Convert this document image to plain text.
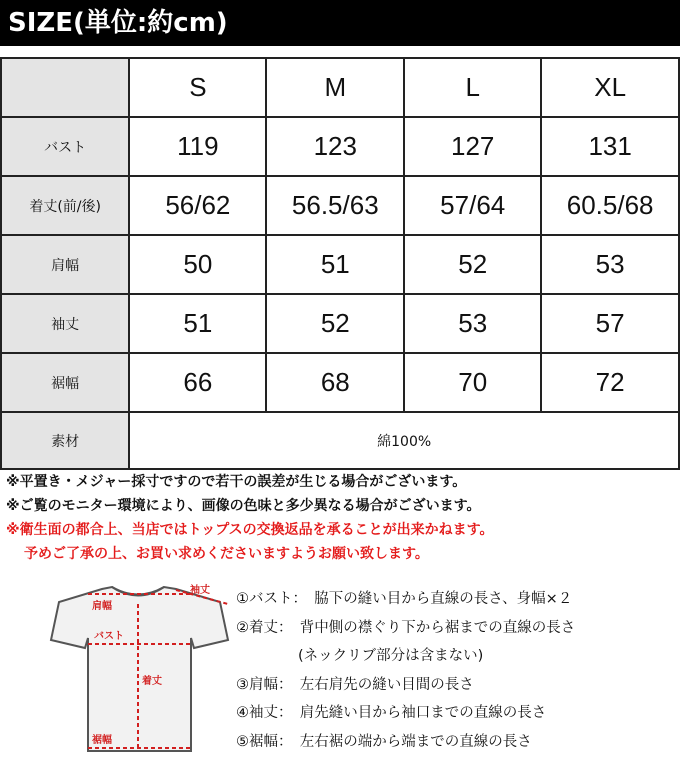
SIZE(単位:約cm)
	S	M	L	XL
バスト	119	123	127	131
着丈(前/後)	56/62	56.5/63	57/64	60.5/68
肩幅	50	51	52	53
袖丈	51	52	53	57
裾幅	66	68	70	72
素材	綿100%			
※平置き・メジャー採寸ですので若干の誤差が生じる場合がございます。
※ご覧のモニター環境により、画像の色味と多少異なる場合がございます。
※衛生面の都合上、当店ではトップスの交換返品を承ることが出来かねます。
予めご了承の上、お買い求めくださいますようお願い致します。
袖丈
肩幅
バスト
着丈
裾幅
①バスト：　脇下の縫い目から直線の長さ、身幅×２
②着丈：　背中側の襟ぐり下から裾までの直線の長さ
(ネックリブ部分は含まない)
③肩幅：　左右肩先の縫い目間の長さ
④袖丈：　肩先縫い目から袖口までの直線の長さ
⑤裾幅：　左右裾の端から端までの直線の長さ
